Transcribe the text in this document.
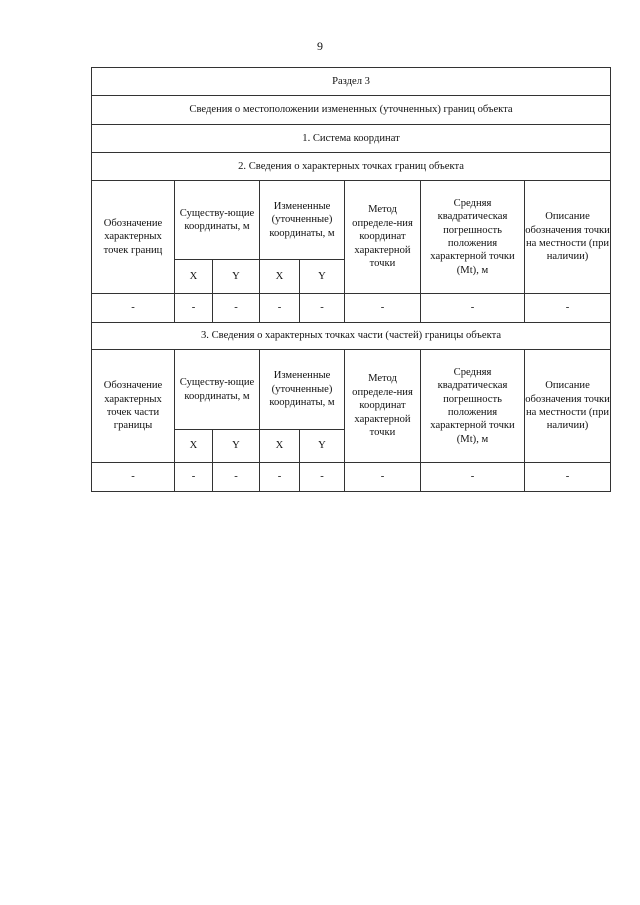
9
Раздел 3							
Сведения о местоположении измененных (уточненных) границ объекта							
1. Система координат							
2. Сведения о характерных точках границ объекта							
Обозначение характерных точек границ	Существу-ющие координаты, м		Измененные (уточненные) координаты, м		Метод определе-ния координат характерной точки	Средняя квадратическая погрешность положения характерной точки (Mt), м	Описание обозначения точки на местности (при наличии)
	X	Y	X	Y			
-	-	-	-	-	-	-	-
3. Сведения о характерных точках части (частей) границы объекта							
Обозначение характерных точек части границы	Существу-ющие координаты, м		Измененные (уточненные) координаты, м		Метод определе-ния координат характерной точки	Средняя квадратическая погрешность положения характерной точки (Mt), м	Описание обозначения точки на местности (при наличии)
	X	Y	X	Y			
-	-	-	-	-	-	-	-
